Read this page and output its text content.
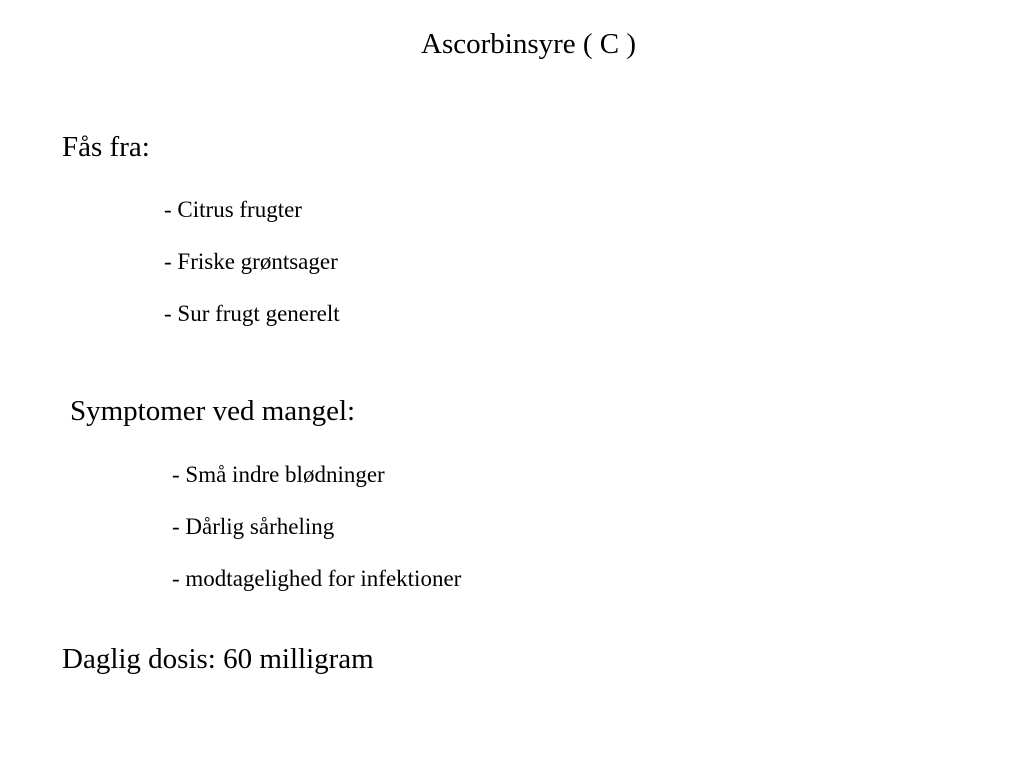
Ascorbinsyre ( C )
Fås fra:
- Citrus frugter
- Friske grøntsager
- Sur frugt generelt
Symptomer ved mangel:
- Små indre blødninger
- Dårlig sårheling
- modtagelighed for infektioner
Daglig dosis: 60 milligram
